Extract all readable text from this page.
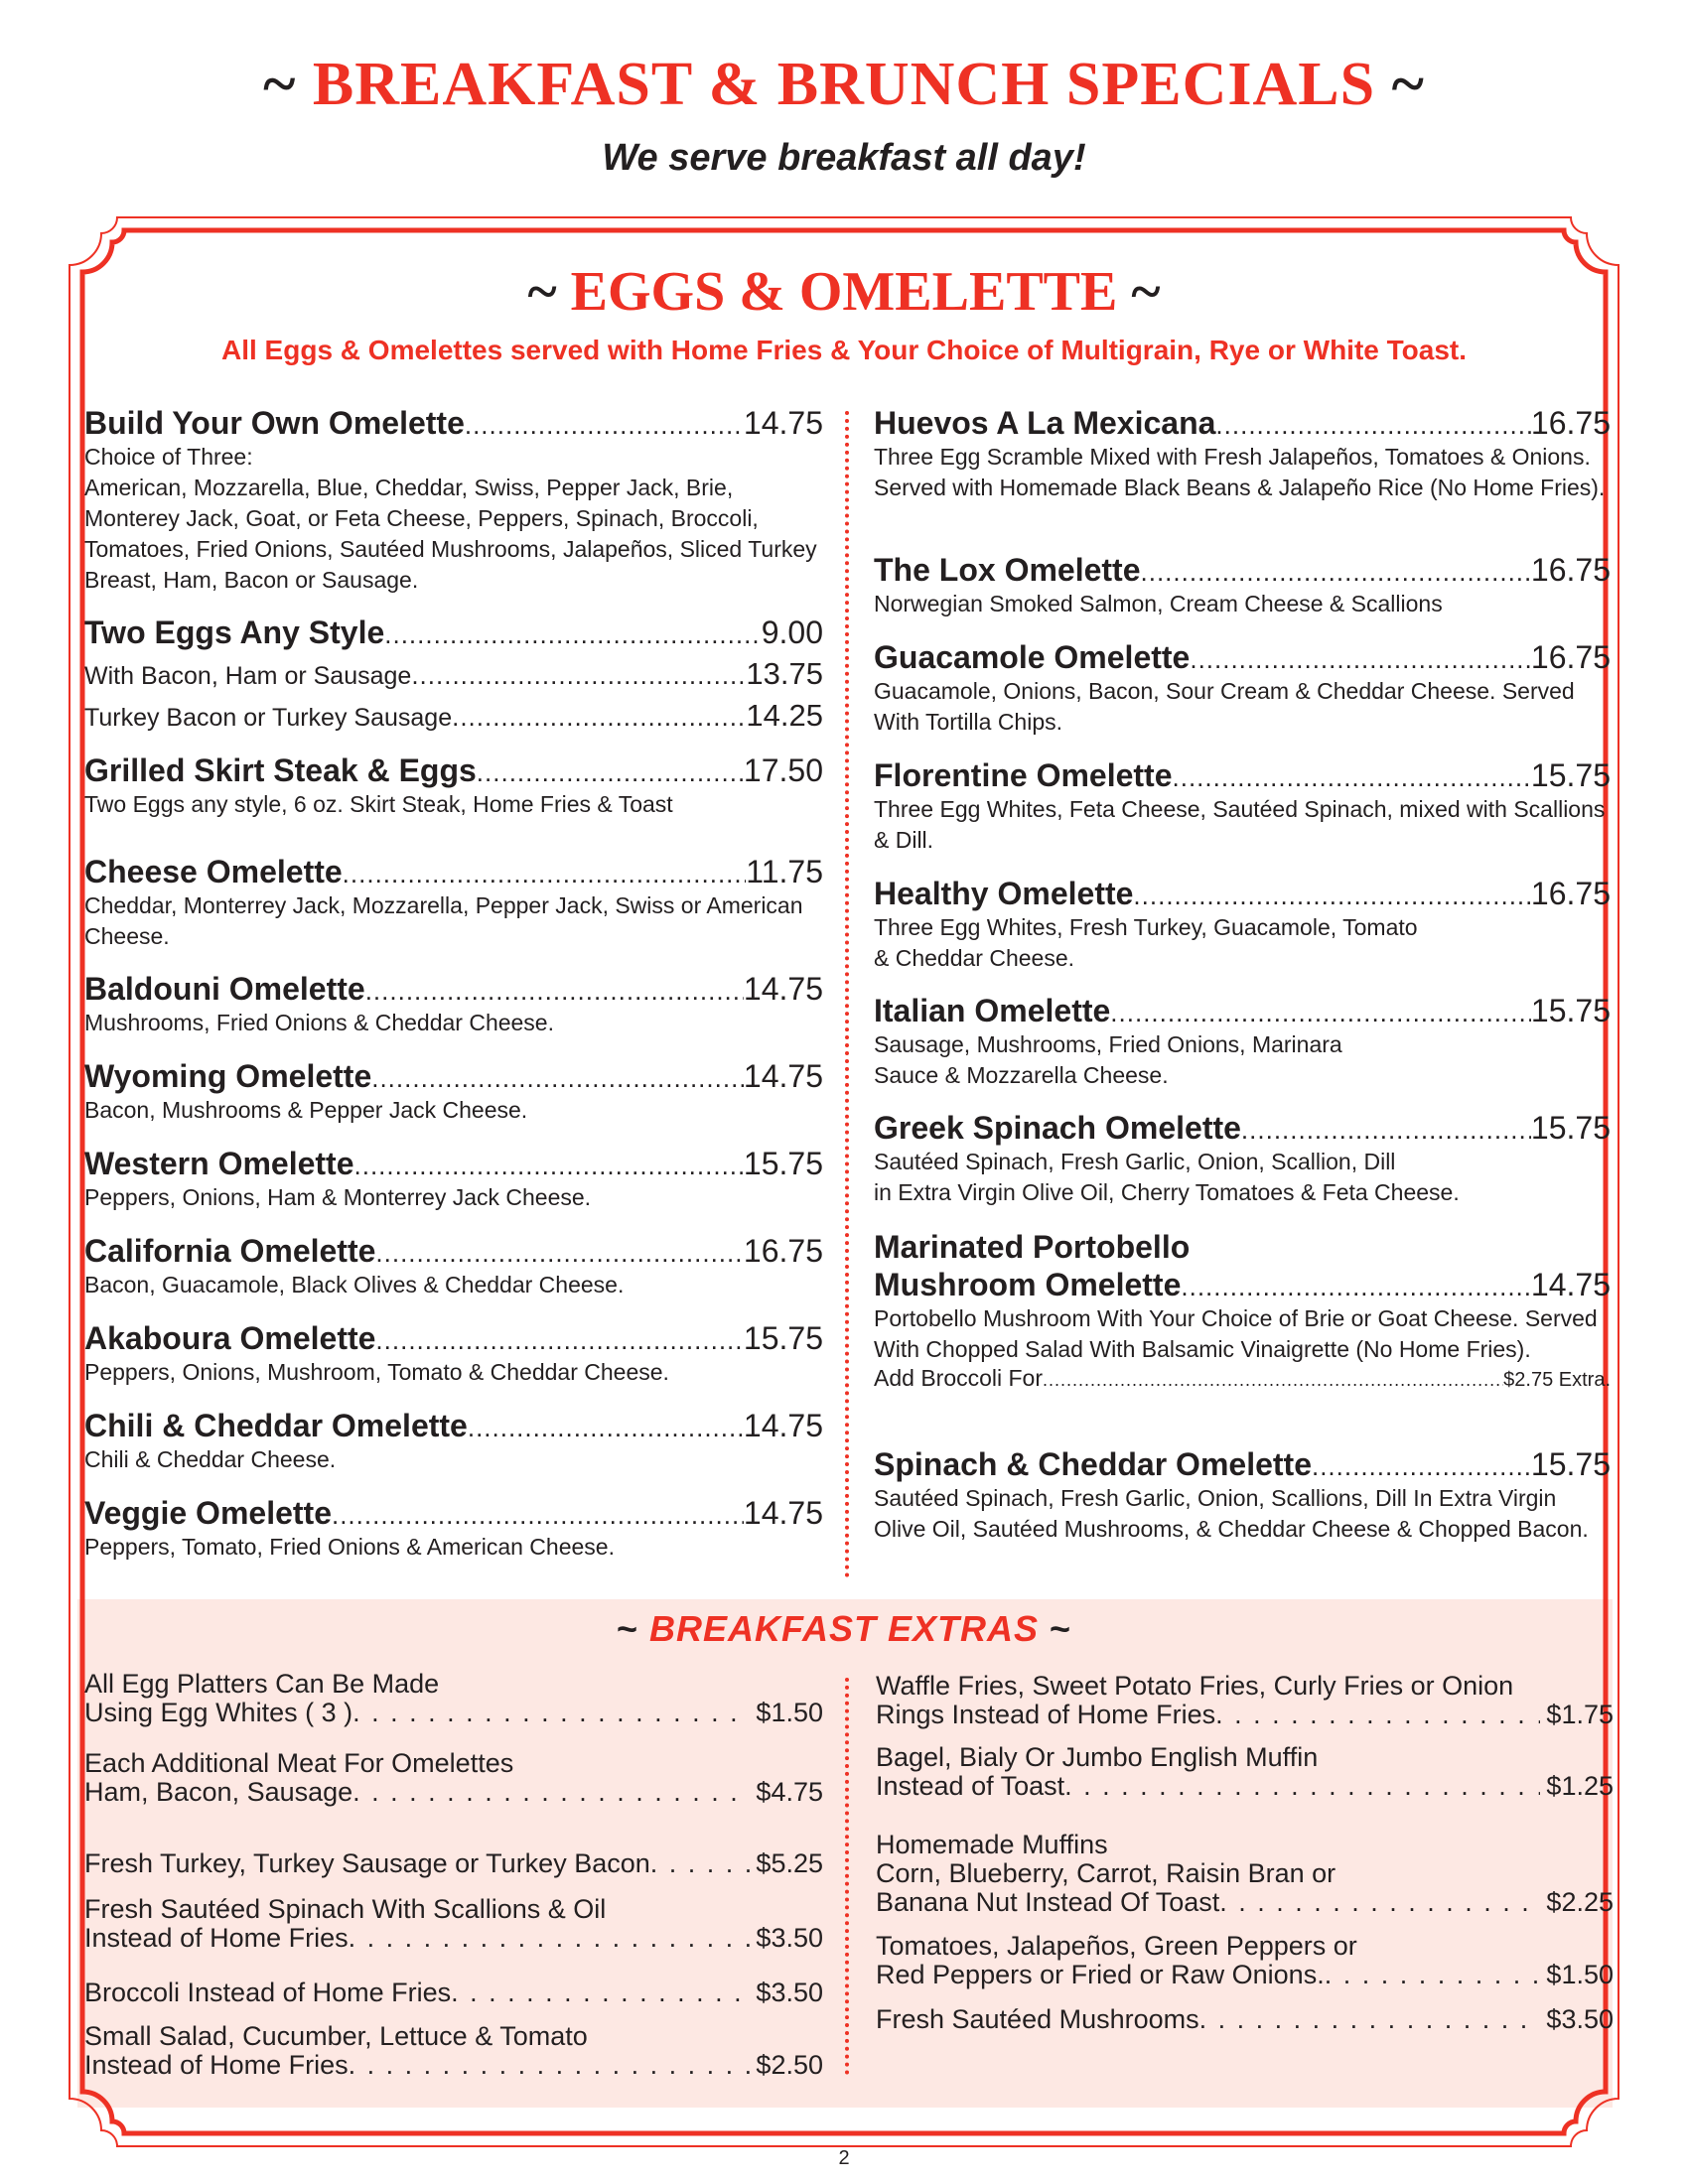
~ BREAKFAST & BRUNCH SPECIALS ~
We serve breakfast all day!
~ EGGS & OMELETTE ~
All Eggs & Omelettes served with Home Fries & Your Choice of Multigrain, Rye or White Toast.
Build Your Own Omelette .....	14.75
Choice of Three:
American, Mozzarella, Blue, Cheddar, Swiss, Pepper Jack, Brie, Monterey Jack, Goat, or Feta Cheese, Peppers, Spinach, Broccoli, Tomatoes, Fried Onions, Sautéed Mushrooms, Jalapeños, Sliced Turkey Breast, Ham, Bacon or Sausage.
Two Eggs Any Style .....	9.00
With Bacon, Ham or Sausage .....	13.75
Turkey Bacon or Turkey Sausage .....	14.25
Grilled Skirt Steak & Eggs .....	17.50
Two Eggs any style, 6 oz. Skirt Steak, Home Fries & Toast
Cheese Omelette .....	11.75
Cheddar, Monterrey Jack, Mozzarella, Pepper Jack, Swiss or American Cheese.
Baldouni Omelette .....	14.75
Mushrooms, Fried Onions & Cheddar Cheese.
Wyoming Omelette .....	14.75
Bacon, Mushrooms & Pepper Jack Cheese.
Western Omelette .....	15.75
Peppers, Onions, Ham & Monterrey Jack Cheese.
California Omelette .....	16.75
Bacon, Guacamole, Black Olives & Cheddar Cheese.
Akaboura Omelette .....	15.75
Peppers, Onions, Mushroom, Tomato & Cheddar Cheese.
Chili & Cheddar Omelette .....	14.75
Chili & Cheddar Cheese.
Veggie Omelette .....	14.75
Peppers, Tomato, Fried Onions & American Cheese.
Huevos A La Mexicana .....	16.75
Three Egg Scramble Mixed with Fresh Jalapeños, Tomatoes & Onions. Served with Homemade Black Beans & Jalapeño Rice (No Home Fries).
The Lox Omelette .....	16.75
Norwegian Smoked Salmon, Cream Cheese & Scallions
Guacamole Omelette .....	16.75
Guacamole, Onions, Bacon, Sour Cream & Cheddar Cheese. Served With Tortilla Chips.
Florentine Omelette .....	15.75
Three Egg Whites, Feta Cheese, Sautéed Spinach, mixed with Scallions & Dill.
Healthy Omelette .....	16.75
Three Egg Whites, Fresh Turkey, Guacamole, Tomato
& Cheddar Cheese.
Italian Omelette .....	15.75
Sausage, Mushrooms, Fried Onions, Marinara
Sauce & Mozzarella Cheese.
Greek Spinach Omelette .....	15.75
Sautéed Spinach, Fresh Garlic, Onion, Scallion, Dill
in Extra Virgin Olive Oil, Cherry Tomatoes & Feta Cheese.
Marinated Portobello
Mushroom Omelette .....	14.75
Portobello Mushroom With Your Choice of Brie or Goat Cheese. Served With Chopped Salad With Balsamic Vinaigrette (No Home Fries).
Add Broccoli For .....	$2.75 Extra.
Spinach & Cheddar Omelette .....	15.75
Sautéed Spinach, Fresh Garlic, Onion, Scallions, Dill In Extra Virgin Olive Oil, Sautéed Mushrooms, & Cheddar Cheese & Chopped Bacon.
~ BREAKFAST EXTRAS ~
All Egg Platters Can Be Made
Using Egg Whites ( 3 ) . . .	$1.50
Each Additional Meat For Omelettes
Ham, Bacon, Sausage . . .	$4.75
Fresh Turkey, Turkey Sausage or Turkey Bacon . . .	$5.25
Fresh Sautéed Spinach With Scallions & Oil
Instead of Home Fries . . .	$3.50
Broccoli Instead of Home Fries . . .	$3.50
Small Salad, Cucumber, Lettuce & Tomato
Instead of Home Fries . . .	$2.50
Waffle Fries, Sweet Potato Fries, Curly Fries or Onion
Rings Instead of Home Fries . . .	$1.75
Bagel, Bialy Or Jumbo English Muffin
Instead of Toast . . .	$1.25
Homemade Muffins
Corn, Blueberry, Carrot, Raisin Bran or
Banana Nut Instead Of Toast . . .	$2.25
Tomatoes, Jalapeños, Green Peppers or
Red Peppers or Fried or Raw Onions. . . .	$1.50
Fresh Sautéed Mushrooms . . .	$3.50
2
